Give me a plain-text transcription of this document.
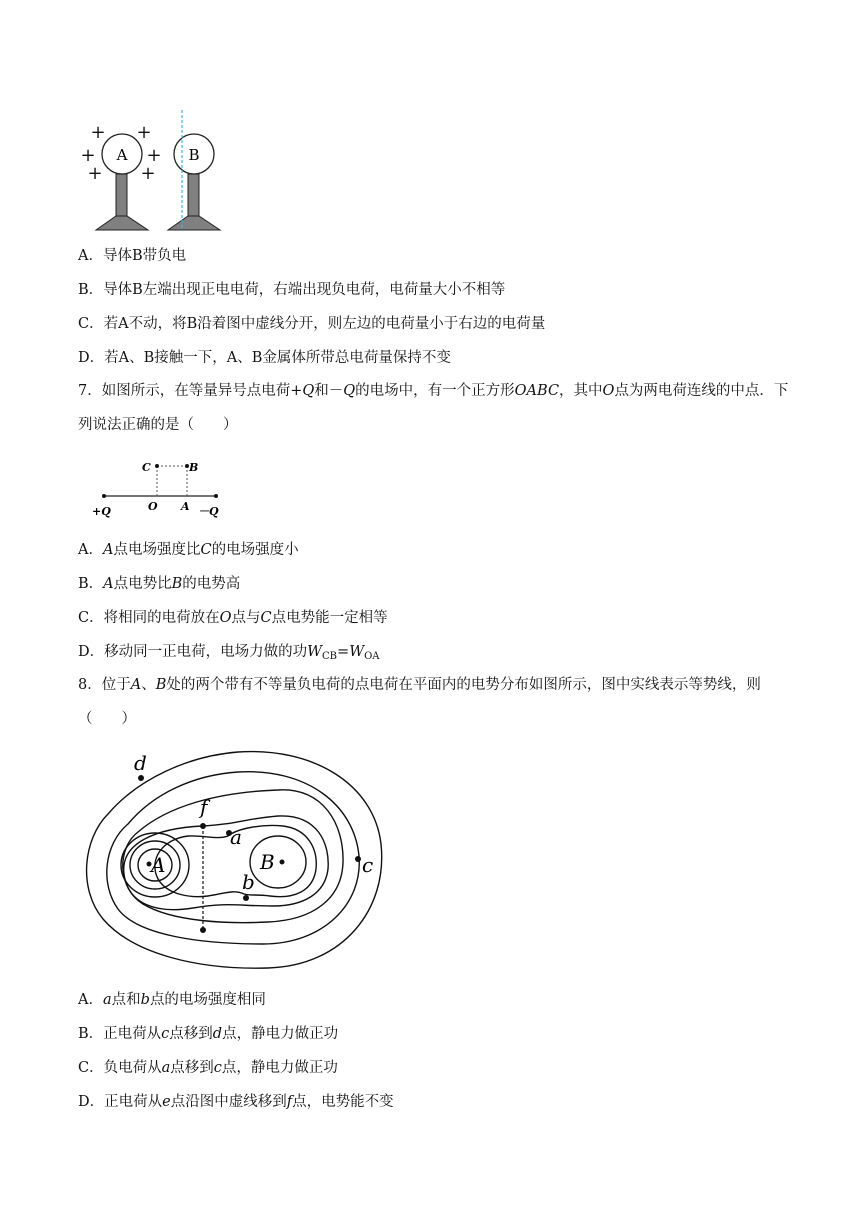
A	B
+ +
+	+
+ +
A．导体B带负电
B．导体B左端出现正电电荷，右端出现负电荷，电荷量大小不相等
C．若A不动，将B沿着图中虚线分开，则左边的电荷量小于右边的电荷量
D．若A、B接触一下，A、B金属体所带总电荷量保持不变
7．如图所示，在等量异号点电荷+Q和－Q的电场中，有一个正方形OABC，其中O点为两电荷连线的中点．下列说法正确的是（　　）
C	B
O A
+Q	－Q
A．A点电场强度比C的电场强度小
B．A点电势比B的电势高
C．将相同的电荷放在O点与C点电势能一定相等
D．移动同一正电荷，电场力做的功$W_{CB}=W_{OA}$
8．位于A、B处的两个带有不等量负电荷的点电荷在平面内的电势分布如图所示，图中实线表示等势线，则（　　）
d
f
a
b
c
A	B
A．a点和b点的电场强度相同
B．正电荷从c点移到d点，静电力做正功
C．负电荷从a点移到c点，静电力做正功
D．正电荷从e点沿图中虚线移到f点，电势能不变
